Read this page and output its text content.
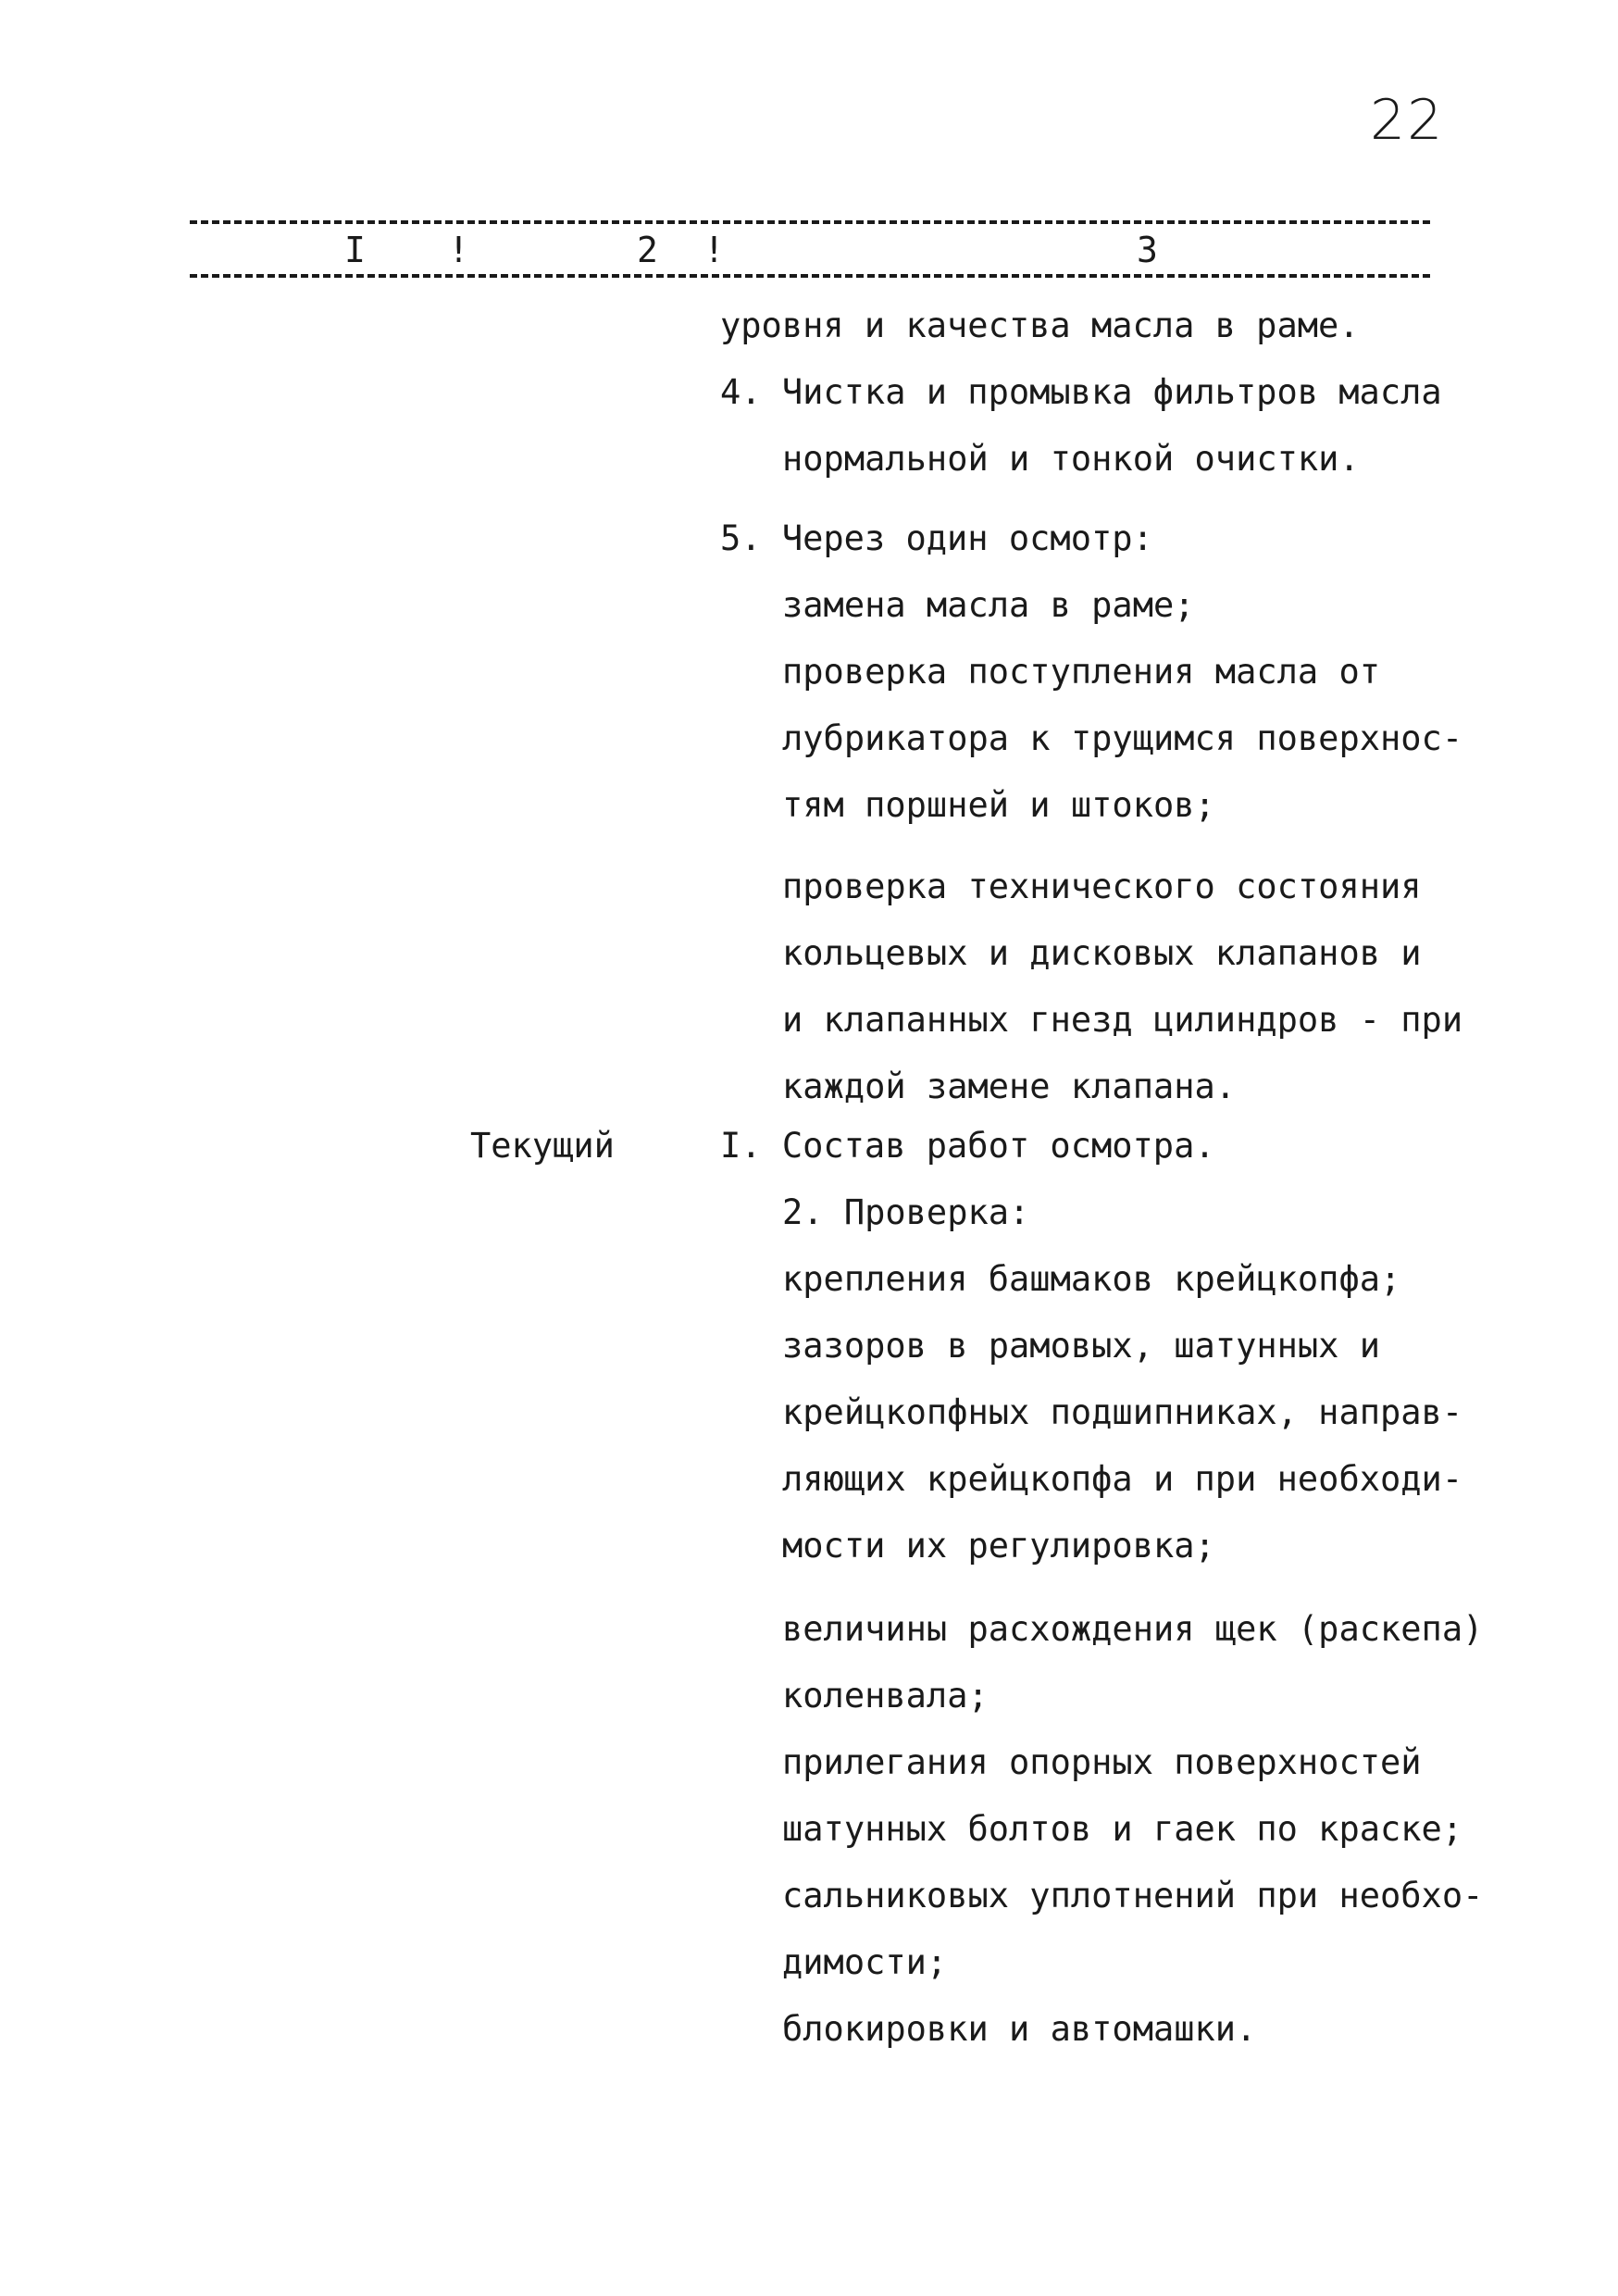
22
I !	2 !	3
Текущий
уровня и качества масла в раме.
4. Чистка и промывка фильтров масла
нормальной и тонкой очистки.
5. Через один осмотр:
замена масла в раме;
проверка поступления масла от
лубрикатора к трущимся поверхнос-
тям поршней и штоков;
проверка технического состояния
кольцевых и дисковых клапанов и
и клапанных гнезд цилиндров - при
каждой замене клапана.
I. Состав работ осмотра.
2. Проверка:
крепления башмаков крейцкопфа;
зазоров в рамовых, шатунных и
крейцкопфных подшипниках, направ-
ляющих крейцкопфа и при необходи-
мости их регулировка;
величины расхождения щек (раскепа)
коленвала;
прилегания опорных поверхностей
шатунных болтов и гаек по краске;
сальниковых уплотнений при необхо-
димости;
блокировки и автомашки.
